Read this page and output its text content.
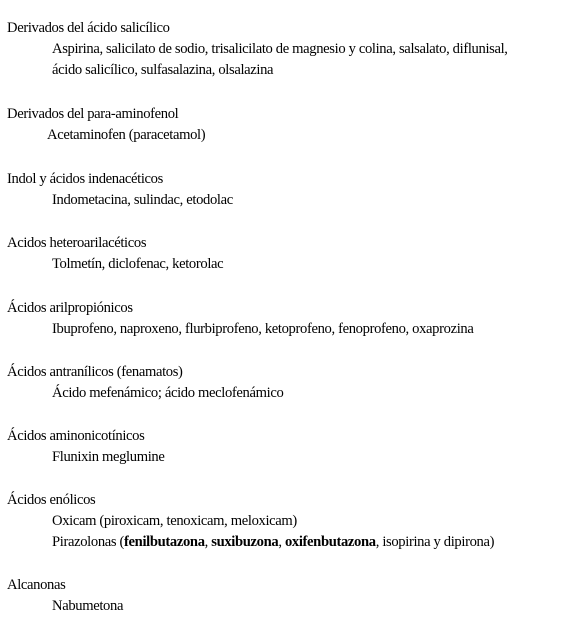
Derivados del ácido salicílico
Aspirina, salicilato de sodio, trisalicilato de magnesio y colina, salsalato, diflunisal,
ácido salicílico, sulfasalazina, olsalazina
Derivados del para-aminofenol
Acetaminofen (paracetamol)
Indol y ácidos indenacéticos
Indometacina, sulindac, etodolac
Acidos heteroarilacéticos
Tolmetín, diclofenac, ketorolac
Ácidos arilpropiónicos
Ibuprofeno, naproxeno, flurbiprofeno, ketoprofeno, fenoprofeno, oxaprozina
Ácidos antranílicos (fenamatos)
Ácido mefenámico; ácido meclofenámico
Ácidos aminonicotínicos
Flunixin meglumine
Ácidos enólicos
Oxicam (piroxicam, tenoxicam, meloxicam)
Pirazolonas (fenilbutazona, suxibuzona, oxifenbutazona, isopirina y dipirona)
Alcanonas
Nabumetona
